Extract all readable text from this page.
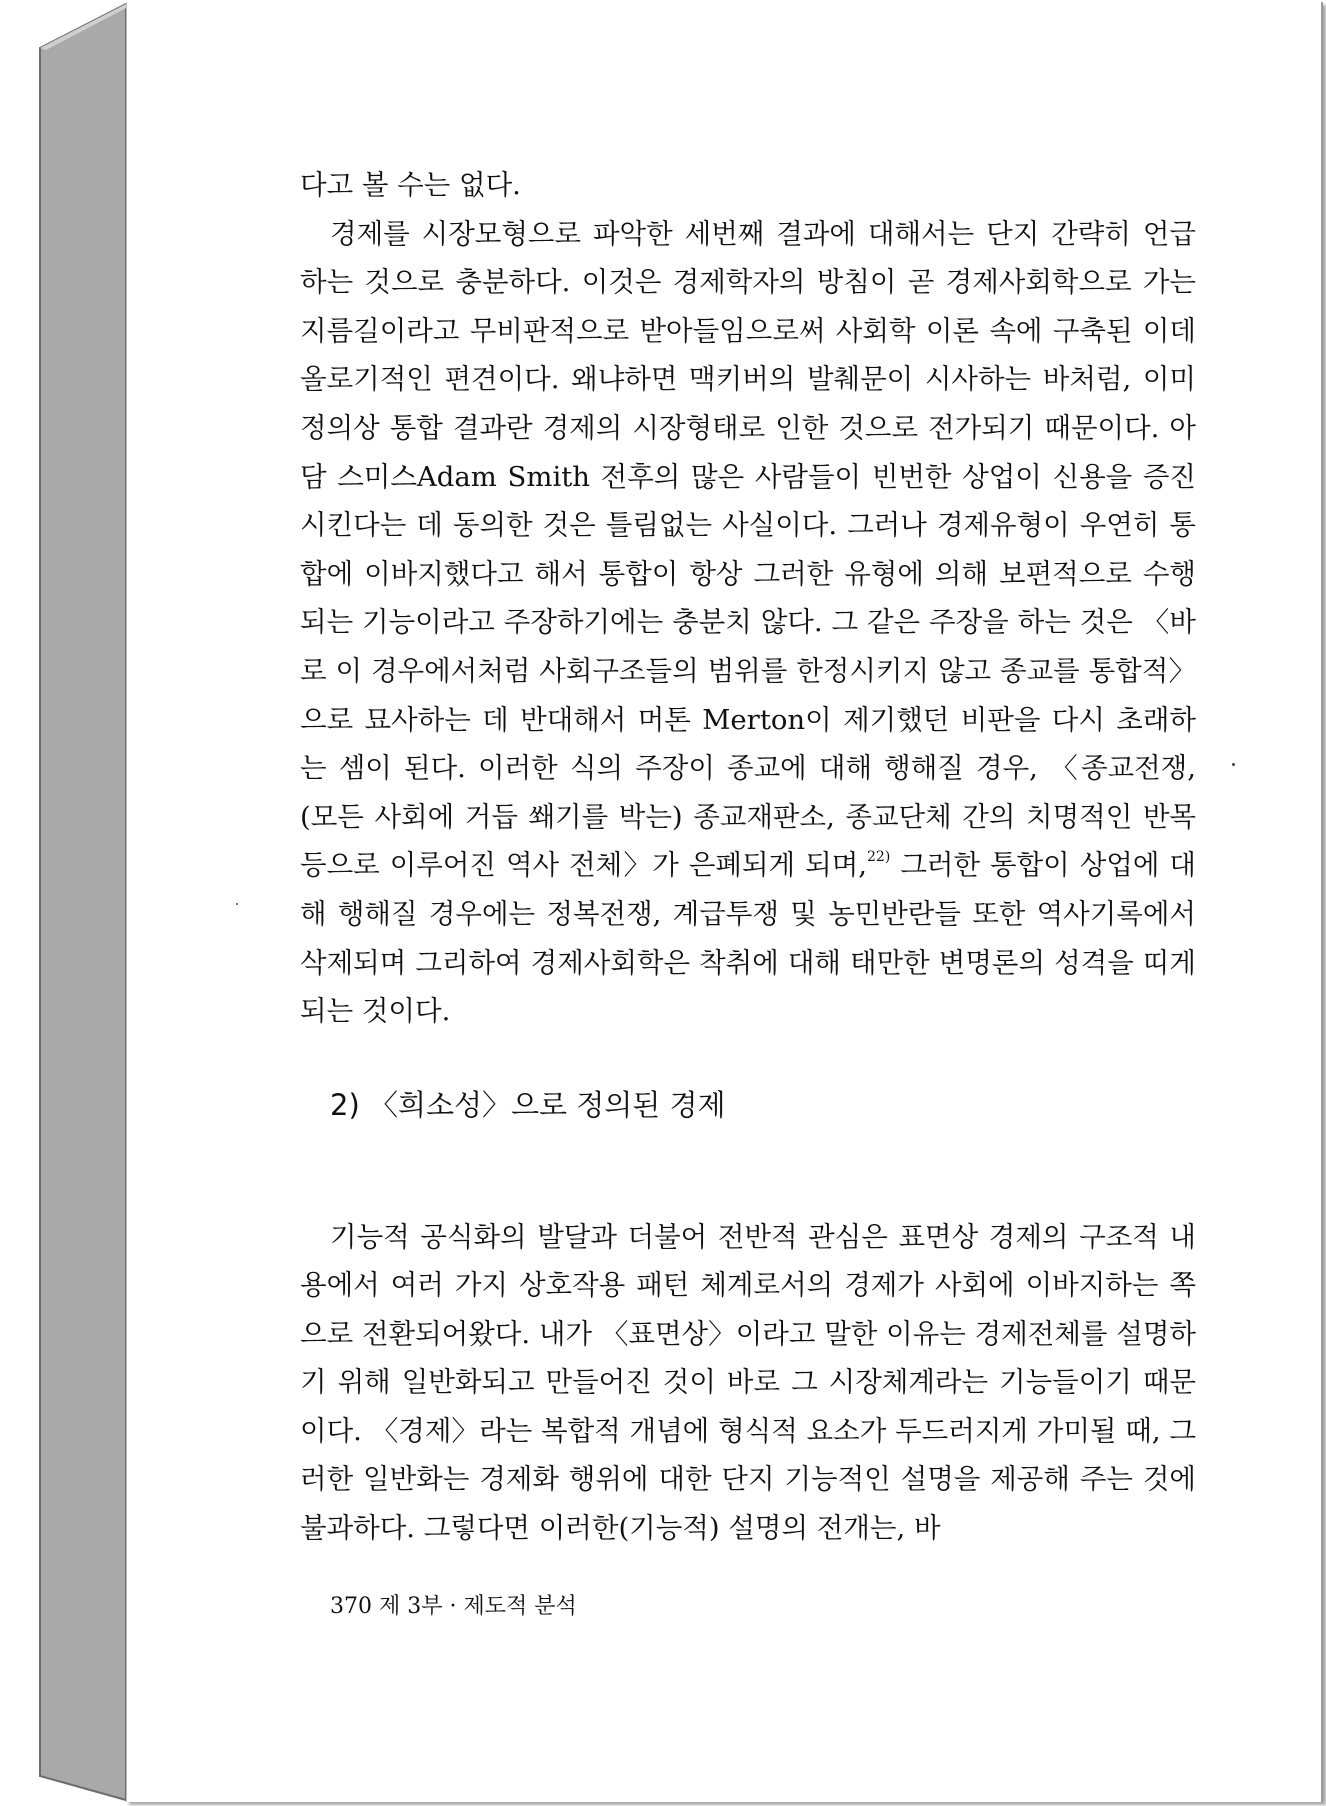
다고 볼 수는 없다.

경제를 시장모형으로 파악한 세번째 결과에 대해서는 단지 간략히 언급하는 것으로 충분하다. 이것은 경제학자의 방침이 곧 경제사회학으로 가는 지름길이라고 무비판적으로 받아들임으로써 사회학 이론 속에 구축된 이데올로기적인 편견이다. 왜냐하면 맥키버의 발췌문이 시사하는 바처럼, 이미 정의상 통합 결과란 경제의 시장형태로 인한 것으로 전가되기 때문이다. 아담 스미스Adam Smith 전후의 많은 사람들이 빈번한 상업이 신용을 증진시킨다는 데 동의한 것은 틀림없는 사실이다. 그러나 경제유형이 우연히 통합에 이바지했다고 해서 통합이 항상 그러한 유형에 의해 보편적으로 수행되는 기능이라고 주장하기에는 충분치 않다. 그 같은 주장을 하는 것은 〈바로 이 경우에서처럼 사회구조들의 범위를 한정시키지 않고 종교를 통합적〉으로 묘사하는 데 반대해서 머톤 Merton이 제기했던 비판을 다시 초래하는 셈이 된다. 이러한 식의 주장이 종교에 대해 행해질 경우, 〈종교전쟁, (모든 사회에 거듭 쐐기를 박는) 종교재판소, 종교단체 간의 치명적인 반목 등으로 이루어진 역사 전체〉가 은폐되게 되며,$^{22)}$ 그러한 통합이 상업에 대해 행해질 경우에는 정복전쟁, 계급투쟁 및 농민반란들 또한 역사기록에서 삭제되며 그리하여 경제사회학은 착취에 대해 태만한 변명론의 성격을 띠게 되는 것이다.

2) 〈희소성〉으로 정의된 경제

기능적 공식화의 발달과 더불어 전반적 관심은 표면상 경제의 구조적 내용에서 여러 가지 상호작용 패턴 체계로서의 경제가 사회에 이바지하는 쪽으로 전환되어왔다. 내가 〈표면상〉이라고 말한 이유는 경제전체를 설명하기 위해 일반화되고 만들어진 것이 바로 그 시장체계라는 기능들이기 때문이다. 〈경제〉라는 복합적 개념에 형식적 요소가 두드러지게 가미될 때, 그러한 일반화는 경제화 행위에 대한 단지 기능적인 설명을 제공해 주는 것에 불과하다. 그렇다면 이러한(기능적) 설명의 전개는, 바

370 제 3부 · 제도적 분석
